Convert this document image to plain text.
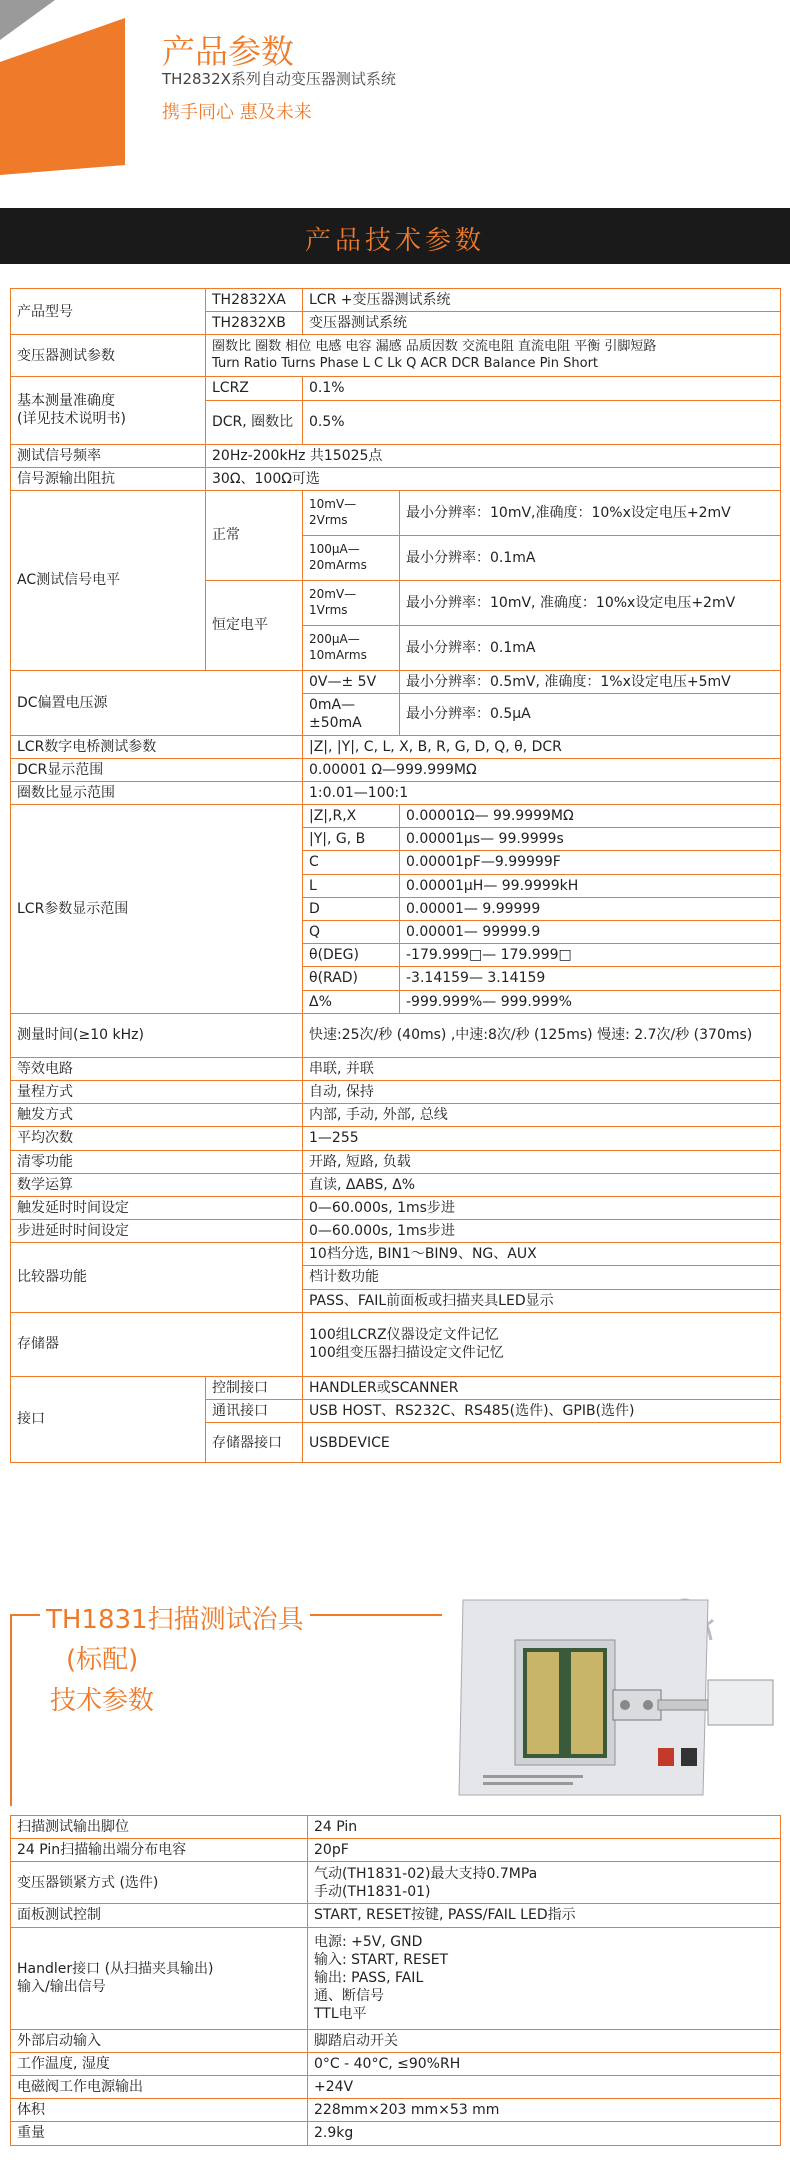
产品参数
TH2832X系列自动变压器测试系统
携手同心 惠及未来
产品技术参数
产品型号	TH2832XA	LCR +变压器测试系统	
	TH2832XB	变压器测试系统	
变压器测试参数	圈数比 圈数 相位 电感 电容 漏感 品质因数 交流电阻 直流电阻 平衡 引脚短路
Turn Ratio Turns Phase L C Lk Q ACR DCR Balance Pin Short		

基本测量准确度
(详见技术说明书)	LCRZ	0.1%	
	DCR, 圈数比	0.5%	
测试信号频率	20Hz-200kHz 共15025点		
信号源输出阻抗	30Ω、100Ω可选		
AC测试信号电平	正常	10mV—
2Vrms	最小分辨率：10mV,准确度：10%x设定电压+2mV
		100μA—
20mArms	最小分辨率：0.1mA
	恒定电平	20mV—
1Vrms	最小分辨率：10mV, 准确度：10%x设定电压+2mV
		200μA—
10mArms	最小分辨率：0.1mA
DC偏置电压源		0V—± 5V	最小分辨率：0.5mV, 准确度：1%x设定电压+5mV
		0mA—
±50mA	最小分辨率：0.5μA
LCR数字电桥测试参数		|Z|, |Y|, C, L, X, B, R, G, D, Q, θ, DCR	
DCR显示范围		0.00001 Ω—999.999MΩ	
圈数比显示范围		1:0.01—100:1	
LCR参数显示范围		|Z|,R,X	0.00001Ω— 99.9999MΩ
		|Y|, G, B	0.00001μs— 99.9999s
		C	0.00001pF—9.99999F
		L	0.00001μH— 99.9999kH
		D	0.00001— 9.99999
		Q	0.00001— 99999.9
		θ(DEG)	-179.999□— 179.999□
		θ(RAD)	-3.14159— 3.14159
		Δ%	-999.999%— 999.999%
测量时间(≥10 kHz)		快速:25次/秒 (40ms) ,中速:8次/秒 (125ms) 慢速: 2.7次/秒 (370ms)	
等效电路		串联, 并联	
量程方式		自动, 保持	
触发方式		内部, 手动, 外部, 总线	
平均次数		1—255	
清零功能		开路, 短路, 负载	
数学运算		直读, ΔABS, Δ%	
触发延时时间设定		0—60.000s, 1ms步进	
步进延时时间设定		0—60.000s, 1ms步进	
比较器功能		10档分选, BIN1～BIN9、NG、AUX	
		档计数功能	
		PASS、FAIL前面板或扫描夹具LED显示	
存储器		100组LCRZ仪器设定文件记忆
100组变压器扫描设定文件记忆	
接口	控制接口	HANDLER或SCANNER	
	通讯接口	USB HOST、RS232C、RS485(选件)、GPIB(选件)	
	存储器接口	USBDEVICE	
TH1831扫描测试治具
(标配)
技术参数
扫描测试输出脚位	24 Pin
24 Pin扫描输出端分布电容	20pF
变压器锁紧方式 (选件)	气动(TH1831-02)最大支持0.7MPa
手动(TH1831-01)
面板测试控制	START, RESET按键, PASS/FAIL LED指示
Handler接口 (从扫描夹具输出)
输入/输出信号	电源: +5V, GND
输入: START, RESET
输出: PASS, FAIL
通、断信号
TTL电平
外部启动输入	脚踏启动开关
工作温度, 湿度	0°C - 40°C, ≤90%RH
电磁阀工作电源输出	+24V
体积	228mm×203 mm×53 mm
重量	2.9kg
